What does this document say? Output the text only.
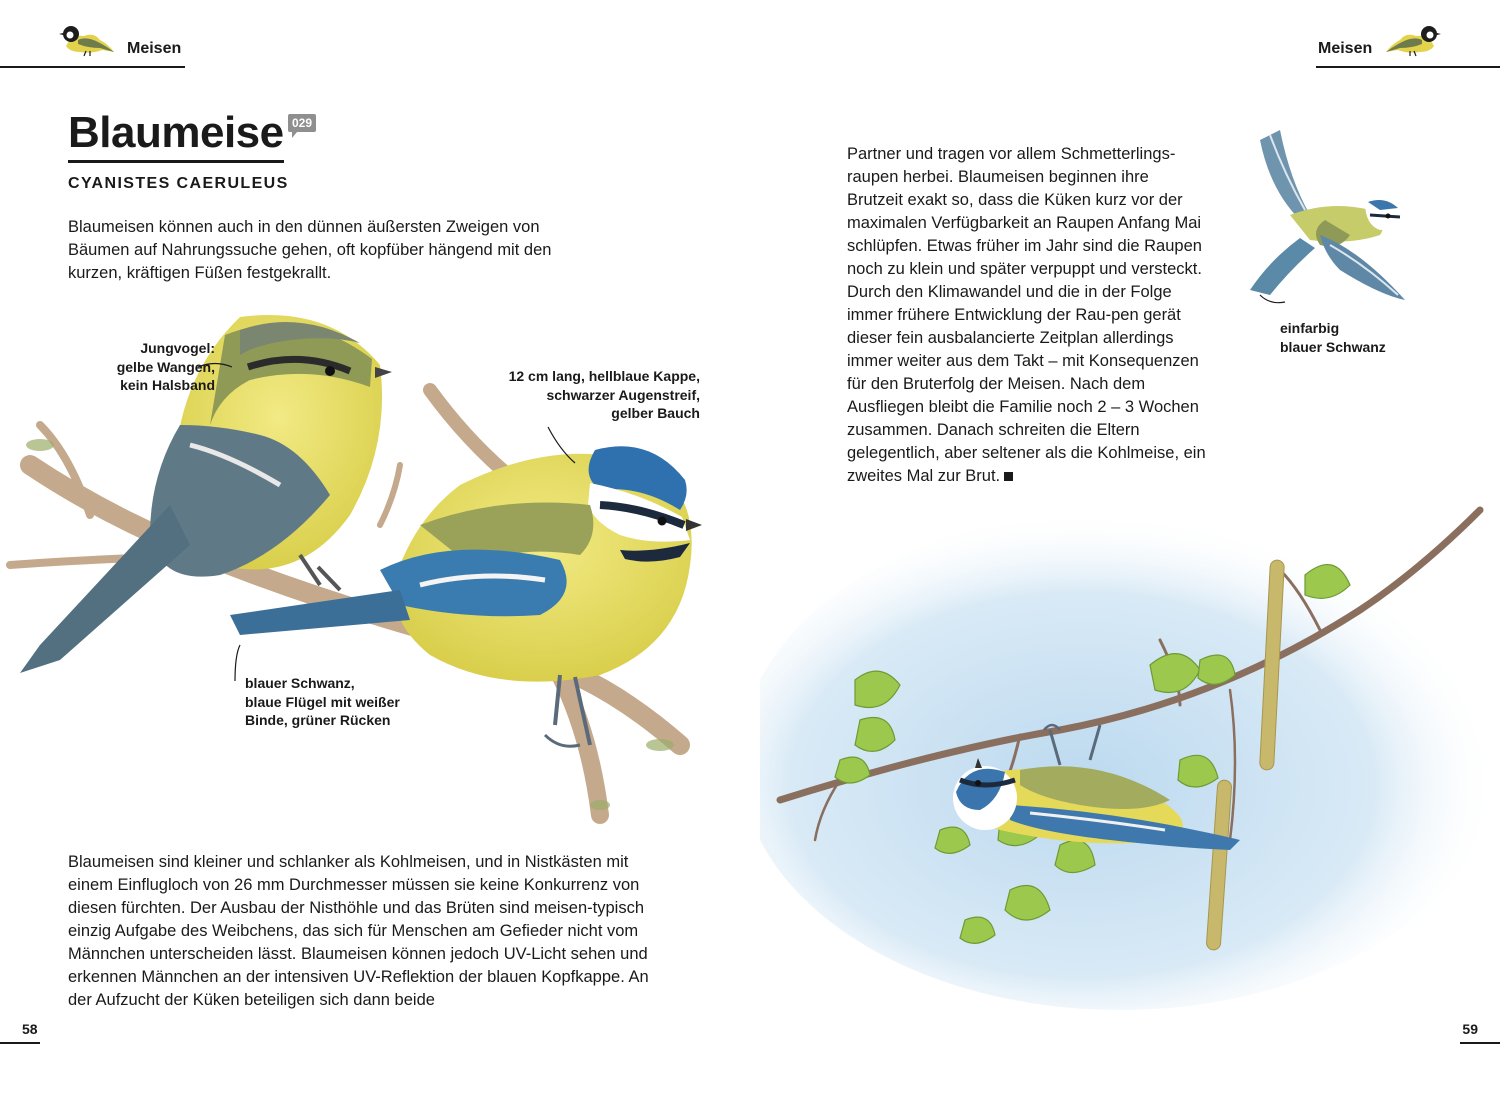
Meisen
Blaumeise 029
CYANISTES CAERULEUS

Blaumeisen können auch in den dünnen äußersten Zweigen von Bäumen auf Nahrungssuche gehen, oft kopfüber hängend mit den kurzen, kräftigen Füßen festgekrallt.

Jungvogel:
gelbe Wangen,
kein Halsband
12 cm lang, hellblaue Kappe,
schwarzer Augenstreif,
gelber Bauch
blauer Schwanz,
blaue Flügel mit weißer
Binde, grüner Rücken

Blaumeisen sind kleiner und schlanker als Kohlmeisen, und in Nistkästen mit einem Einflugloch von 26 mm Durchmesser müssen sie keine Konkurrenz von diesen fürchten. Der Ausbau der Nisthöhle und das Brüten sind meisen-typisch einzig Aufgabe des Weibchens, das sich für Menschen am Gefieder nicht vom Männchen unterscheiden lässt. Blaumeisen können jedoch UV-Licht sehen und erkennen Männchen an der intensiven UV-Reflektion der blauen Kopfkappe. An der Aufzucht der Küken beteiligen sich dann beide

58
Meisen

Partner und tragen vor allem Schmetterlings-raupen herbei. Blaumeisen beginnen ihre Brutzeit exakt so, dass die Küken kurz vor der maximalen Verfügbarkeit an Raupen Anfang Mai schlüpfen. Etwas früher im Jahr sind die Raupen noch zu klein und später verpuppt und versteckt. Durch den Klimawandel und die in der Folge immer frühere Entwicklung der Rau-pen gerät dieser fein ausbalancierte Zeitplan allerdings immer weiter aus dem Takt – mit Konsequenzen für den Bruterfolg der Meisen. Nach dem Ausfliegen bleibt die Familie noch 2 – 3 Wochen zusammen. Danach schreiten die Eltern gelegentlich, aber seltener als die Kohlmeise, ein zweites Mal zur Brut.

einfarbig
blauer Schwanz
59
